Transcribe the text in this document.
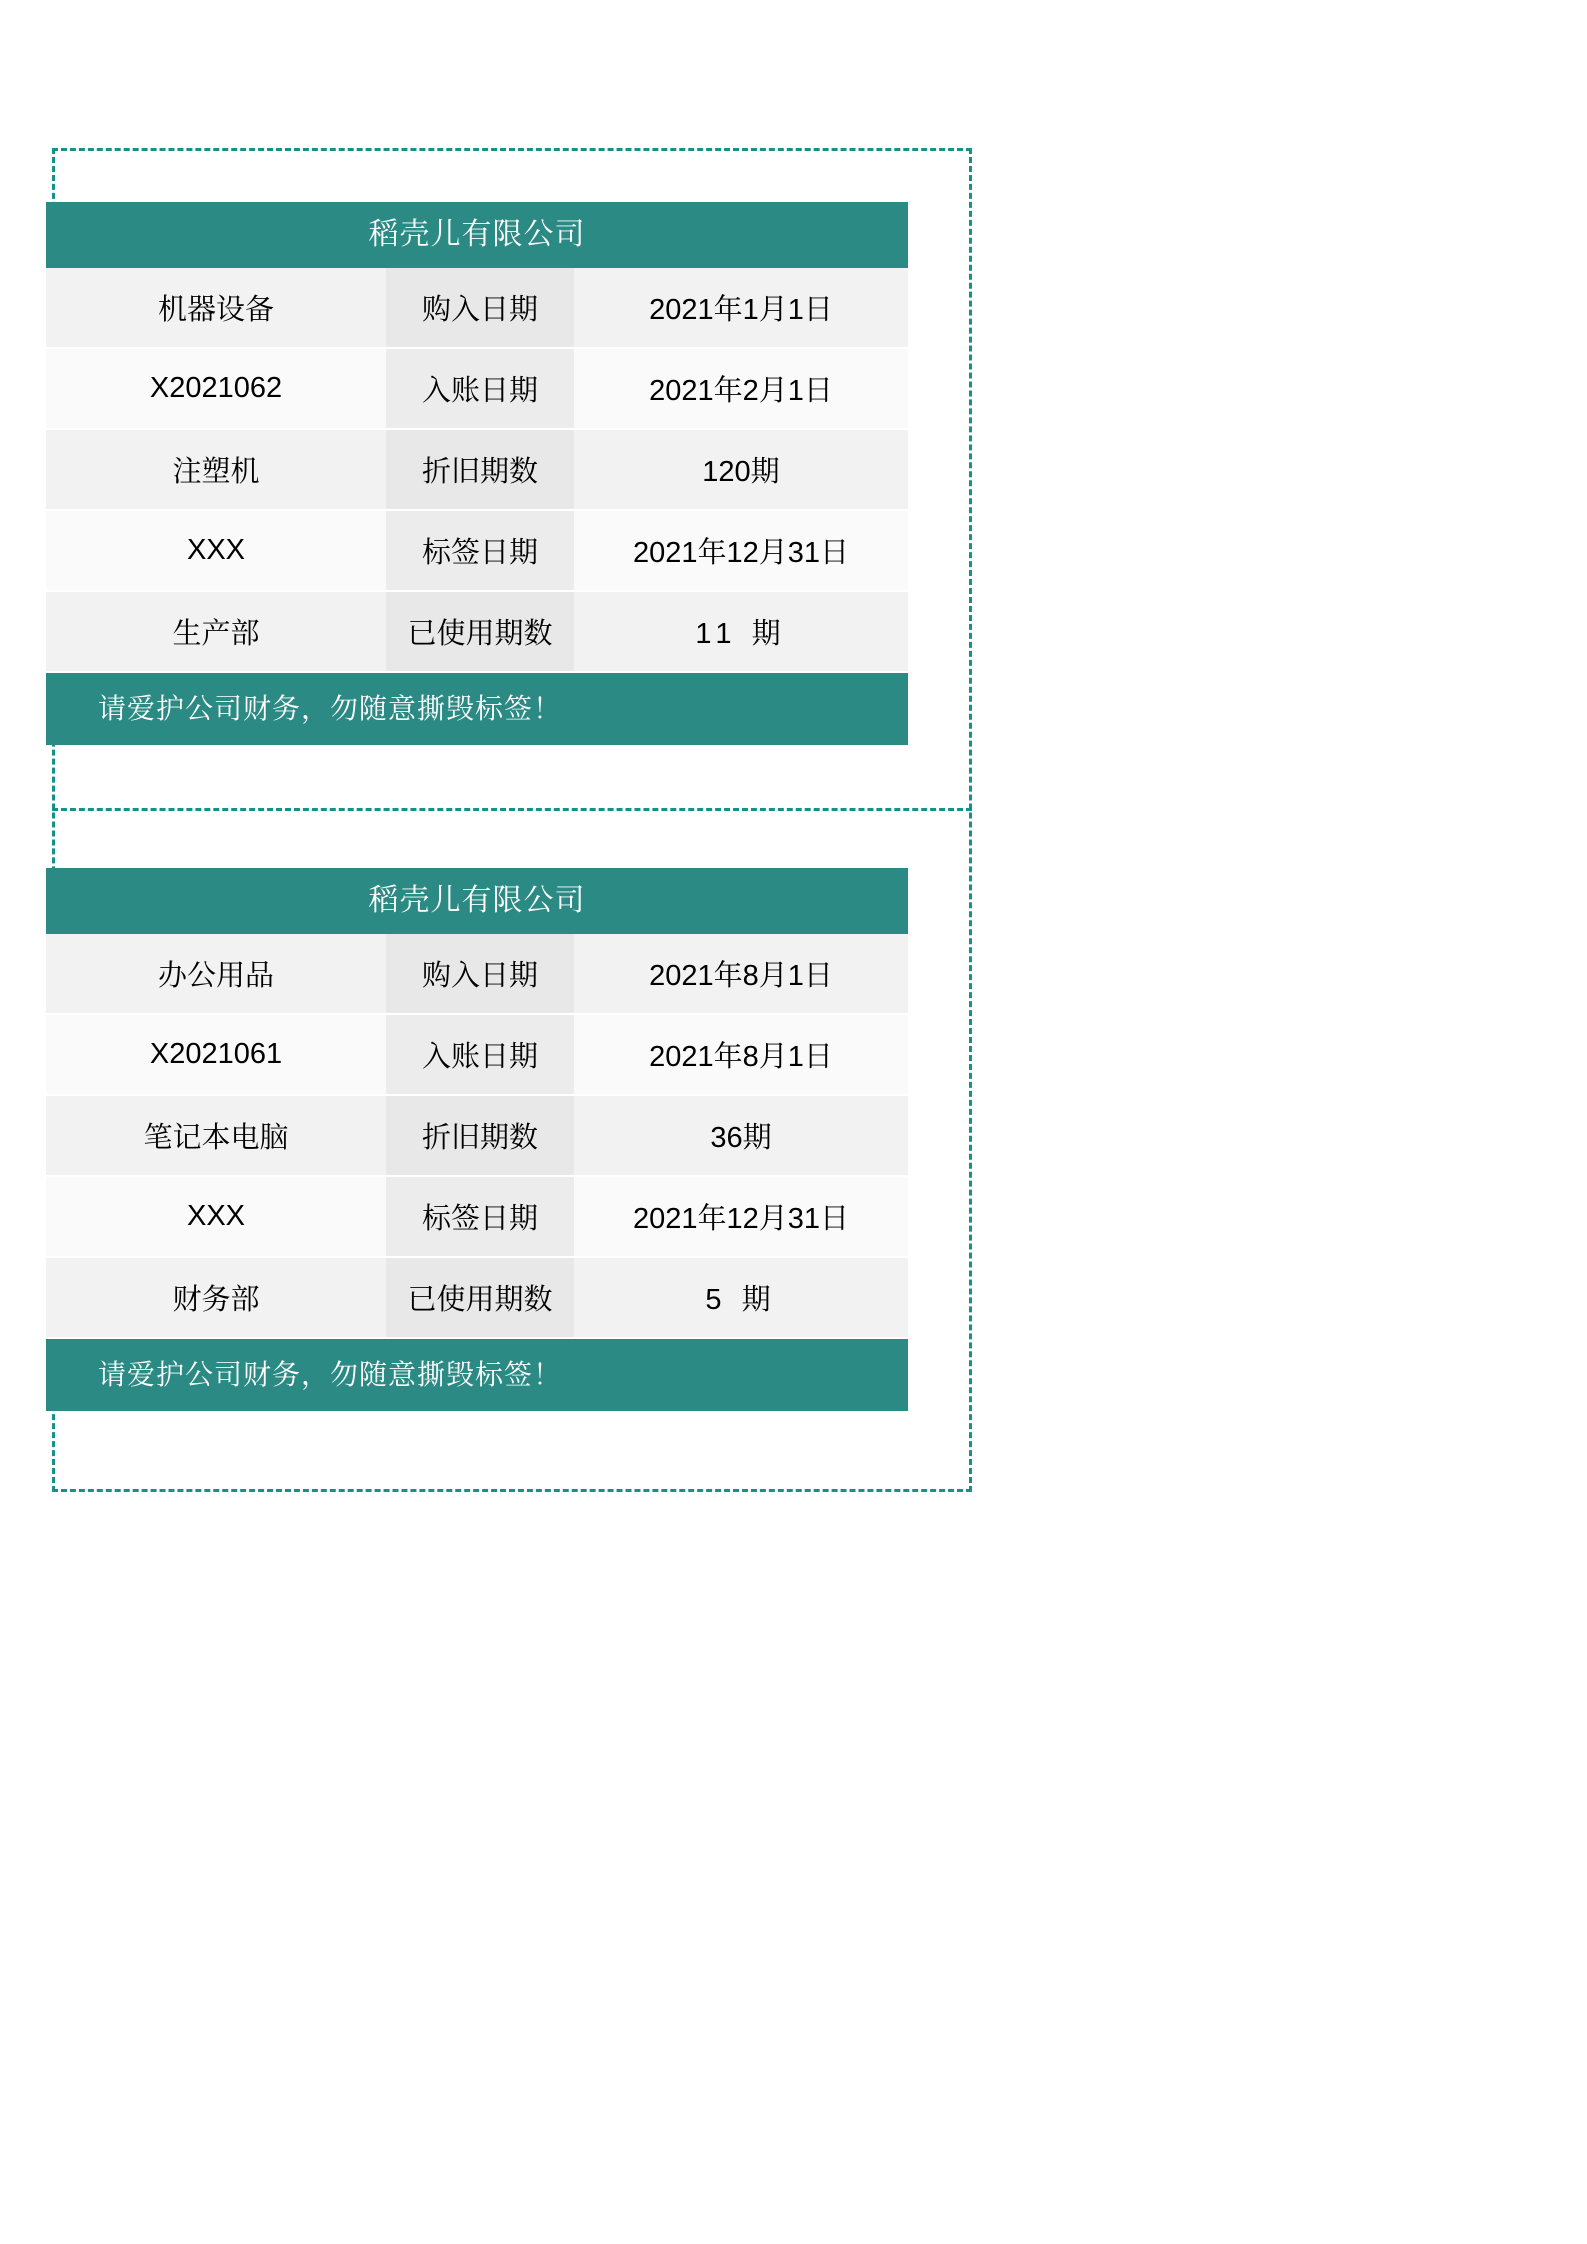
稻壳儿有限公司
机器设备	购入日期	2021年1月1日
X2021062	入账日期	2021年2月1日
注塑机	折旧期数	120期
XXX	标签日期	2021年12月31日
生产部	已使用期数	11 期
请爱护公司财务，勿随意撕毁标签！
稻壳儿有限公司
办公用品	购入日期	2021年8月1日
X2021061	入账日期	2021年8月1日
笔记本电脑	折旧期数	36期
XXX	标签日期	2021年12月31日
财务部	已使用期数	5 期
请爱护公司财务，勿随意撕毁标签！
